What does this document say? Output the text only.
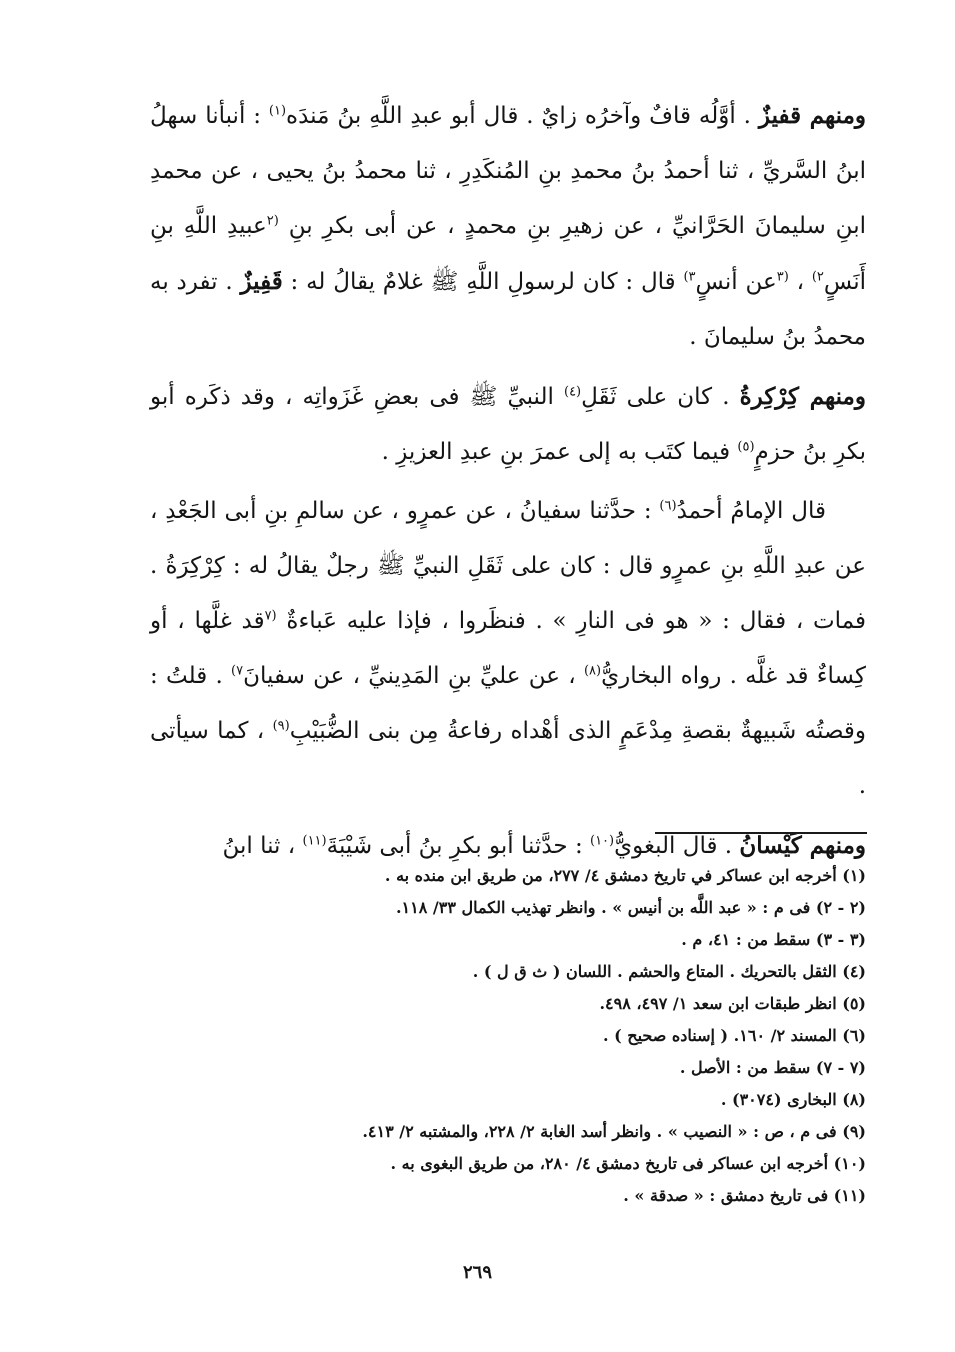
ومنهم قفيزٌ . أوَّلُه قافٌ وآخرُه زايٌ . قال أبو عبدِ اللَّهِ بنُ مَندَه$^{(١)}$ : أنبأنا سهلُ ابنُ السَّريِّ ، ثنا أحمدُ بنُ محمدِ بنِ المُنكَدِرِ ، ثنا محمدُ بنُ يحيى ، عن محمدِ ابنِ سليمانَ الحَرَّانيِّ ، عن زهيرِ بنِ محمدٍ ، عن أبى بكرِ بنِ $^{(٢}$عبيدِ اللَّهِ بنِ أَنَسٍ$^{٢)}$ ، $^{(٣}$عن أنسٍ$^{٣)}$ قال : كان لرسولِ اللَّهِ ﷺ غلامٌ يقالُ له : قَفِيزٌ . تفرد به محمدُ بنُ سليمانَ .

ومنهم كِرْكِرةُ . كان على ثَقَلِ$^{(٤)}$ النبيِّ ﷺ فى بعضِ غَزَواتِه ، وقد ذكَره أبو بكرِ بنُ حزمٍ$^{(٥)}$ فيما كتَب به إلى عمرَ بنِ عبدِ العزيزِ .

قال الإمامُ أحمدُ$^{(٦)}$ : حدَّثنا سفيانُ ، عن عمرٍو ، عن سالمِ بنِ أبى الجَعْدِ ، عن عبدِ اللَّهِ بنِ عمرٍو قال : كان على ثَقَلِ النبيِّ ﷺ رجلٌ يقالُ له : كِرْكِرَةُ . فمات ، فقال : « هو فى النارِ » . فنظَروا ، فإذا عليه عَباءةٌ $^{(٧}$قد غلَّها ، أو كِساءٌ قد غلَّه . رواه البخاريُّ$^{(٨)}$ ، عن عليِّ بنِ المَدِينيِّ ، عن سفيانَ$^{٧)}$ . قلتُ : وقصتُه شَبيهةٌ بقصةِ مِدْعَمٍ الذى أهْداه رفاعةُ مِن بنى الضُّبَيْبِ$^{(٩)}$ ، كما سيأتى .

ومنهم كَيْسانُ . قال البغويُّ$^{(١٠)}$ : حدَّثنا أبو بكرِ بنُ أبى شَيْبَةَ$^{(١١)}$ ، ثنا ابنُ

(١) أخرجه ابن عساكر في تاريخ دمشق ٤/ ٢٧٧، من طريق ابن منده به .
(٢ - ٢) فى م : « عبد اللَّه بن أنيس » . وانظر تهذيب الكمال ٣٣/ ١١٨.
(٣ - ٣) سقط من : ٤١، م .
(٤) الثقل بالتحريك . المتاع والحشم . اللسان ( ث ق ل ) .
(٥) انظر طبقات ابن سعد ١/ ٤٩٧، ٤٩٨.
(٦) المسند ٢/ ١٦٠. ( إسناده صحيح ) .
(٧ - ٧) سقط من : الأصل .
(٨) البخارى (٣٠٧٤) .
(٩) فى م ، ص : « النصيب » . وانظر أسد الغابة ٢/ ٢٢٨، والمشتبه ٢/ ٤١٣.
(١٠) أخرجه ابن عساكر فى تاريخ دمشق ٤/ ٢٨٠، من طريق البغوى به .
(١١) فى تاريخ دمشق : « صدقة » .
٢٦٩
